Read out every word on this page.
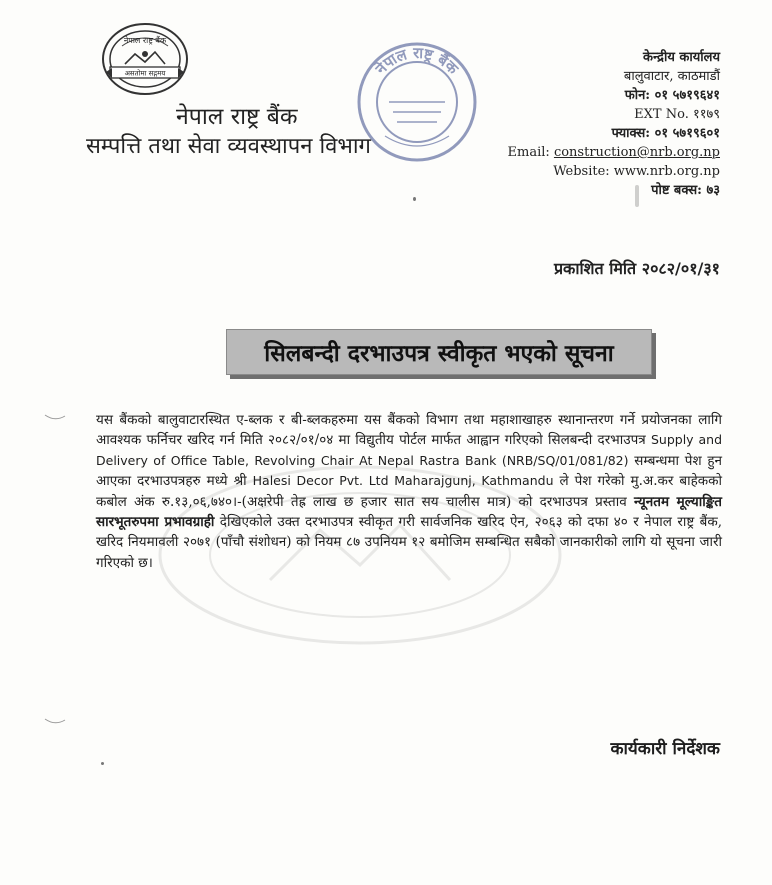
नेपाल राष्ट्र बैंक
असतोमा सद्गमय
नेपाल राष्ट्र बैंक
सम्पत्ति तथा सेवा व्यवस्थापन विभाग
नेपाल राष्ट्र बैंक	केन्द्रीय कार्यालय
बालुवाटार, काठमाडौं
फोन: ०१ ५७१९६४१
EXT No. ११७९
फ्याक्स: ०१ ५७१९६०१
Email: construction@nrb.org.np
Website: www.nrb.org.np
पोष्ट बक्स: ७३
प्रकाशित मिति २०८२/०१/३१
सिलबन्दी दरभाउपत्र स्वीकृत भएको सूचना

यस बैंकको बालुवाटारस्थित ए-ब्लक र बी-ब्लकहरुमा यस बैंकको विभाग तथा महाशाखाहरु स्थानान्तरण गर्ने प्रयोजनका लागि आवश्यक फर्निचर खरिद गर्न मिति २०८२/०१/०४ मा विद्युतीय पोर्टल मार्फत आह्वान गरिएको सिलबन्दी दरभाउपत्र Supply and Delivery of Office Table, Revolving Chair At Nepal Rastra Bank (NRB/SQ/01/081/82) सम्बन्धमा पेश हुन आएका दरभाउपत्रहरु मध्ये श्री Halesi Decor Pvt. Ltd Maharajgunj, Kathmandu ले पेश गरेको मु.अ.कर बाहेकको कबोल अंक रु.१३,०६,७४०।-(अक्षरेपी तेह्र लाख छ हजार सात सय चालीस मात्र) को दरभाउपत्र प्रस्ताव न्यूनतम मूल्याङ्कित सारभूतरुपमा प्रभावग्राही देखिएकोले उक्त दरभाउपत्र स्वीकृत गरी सार्वजनिक खरिद ऐन, २०६३ को दफा ४० र नेपाल राष्ट्र बैंक, खरिद नियमावली २०७१ (पाँचौ संशोधन) को नियम ८७ उपनियम १२ बमोजिम सम्बन्धित सबैको जानकारीको लागि यो सूचना जारी गरिएको छ।

कार्यकारी निर्देशक
